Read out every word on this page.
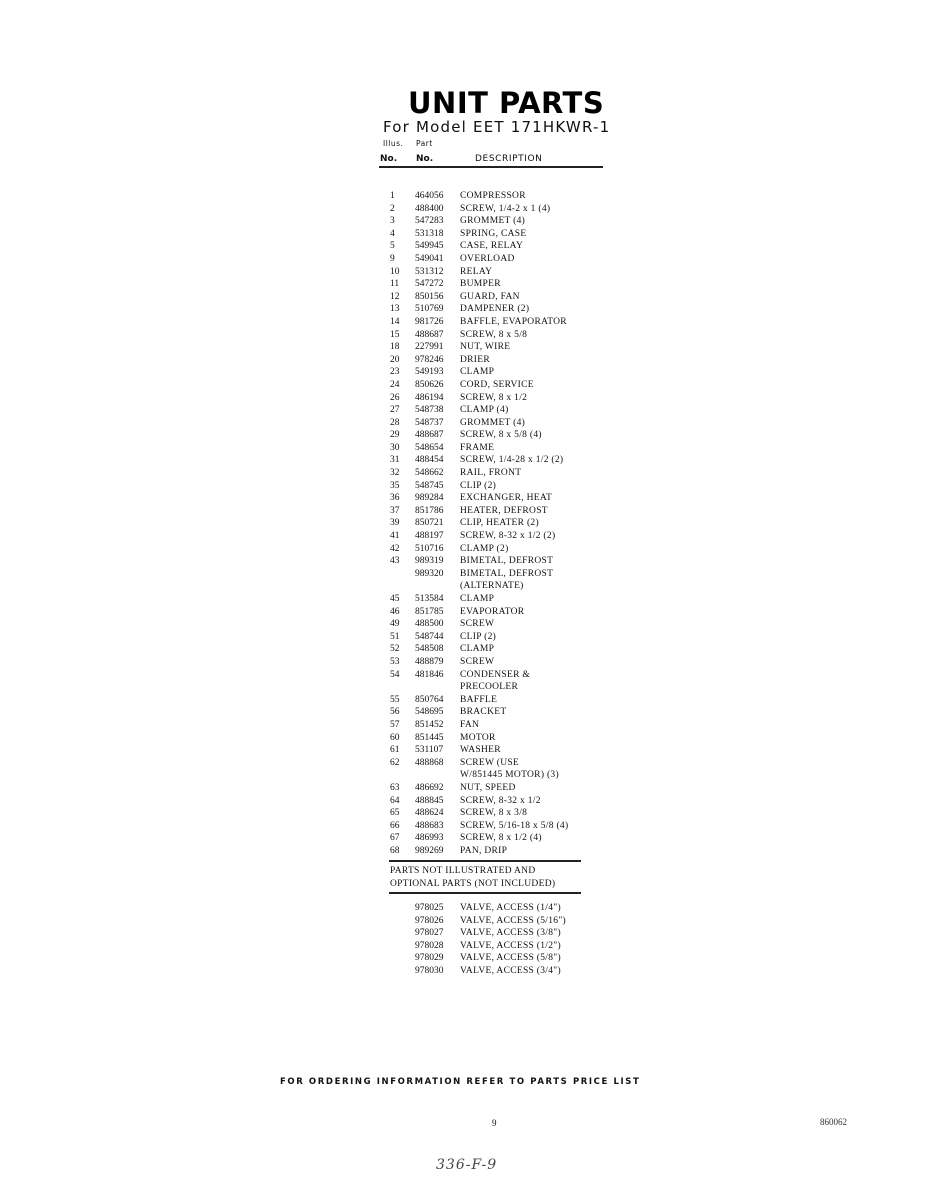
UNIT PARTS
For Model EET 171HKWR-1
Illus. Part
No. No.	DESCRIPTION
1	464056	COMPRESSOR
2	488400	SCREW, 1/4-2 x 1 (4)
3	547283	GROMMET (4)
4	531318	SPRING, CASE
5	549945	CASE, RELAY
9	549041	OVERLOAD
10	531312	RELAY
11	547272	BUMPER
12	850156	GUARD, FAN
13	510769	DAMPENER (2)
14	981726	BAFFLE, EVAPORATOR
15	488687	SCREW, 8 x 5/8
18	227991	NUT, WIRE
20	978246	DRIER
23	549193	CLAMP
24	850626	CORD, SERVICE
26	486194	SCREW, 8 x 1/2
27	548738	CLAMP (4)
28	548737	GROMMET (4)
29	488687	SCREW, 8 x 5/8 (4)
30	548654	FRAME
31	488454	SCREW, 1/4-28 x 1/2 (2)
32	548662	RAIL, FRONT
35	548745	CLIP (2)
36	989284	EXCHANGER, HEAT
37	851786	HEATER, DEFROST
39	850721	CLIP, HEATER (2)
41	488197	SCREW, 8-32 x 1/2 (2)
42	510716	CLAMP (2)
43	989319	BIMETAL, DEFROST
989320	BIMETAL, DEFROST
(ALTERNATE)
45	513584	CLAMP
46	851785	EVAPORATOR
49	488500	SCREW
51	548744	CLIP (2)
52	548508	CLAMP
53	488879	SCREW
54	481846	CONDENSER &
PRECOOLER
55	850764	BAFFLE
56	548695	BRACKET
57	851452	FAN
60	851445	MOTOR
61	531107	WASHER
62	488868	SCREW (USE
W/851445 MOTOR) (3)
63	486692	NUT, SPEED
64	488845	SCREW, 8-32 x 1/2
65	488624	SCREW, 8 x 3/8
66	488683	SCREW, 5/16-18 x 5/8 (4)
67	486993	SCREW, 8 x 1/2 (4)
68	989269	PAN, DRIP
PARTS NOT ILLUSTRATED AND
OPTIONAL PARTS (NOT INCLUDED)
978025	VALVE, ACCESS (1/4")
978026	VALVE, ACCESS (5/16")
978027	VALVE, ACCESS (3/8")
978028	VALVE, ACCESS (1/2")
978029	VALVE, ACCESS (5/8")
978030	VALVE, ACCESS (3/4")
FOR ORDERING INFORMATION REFER TO PARTS PRICE LIST
9	860062
336-F-9
